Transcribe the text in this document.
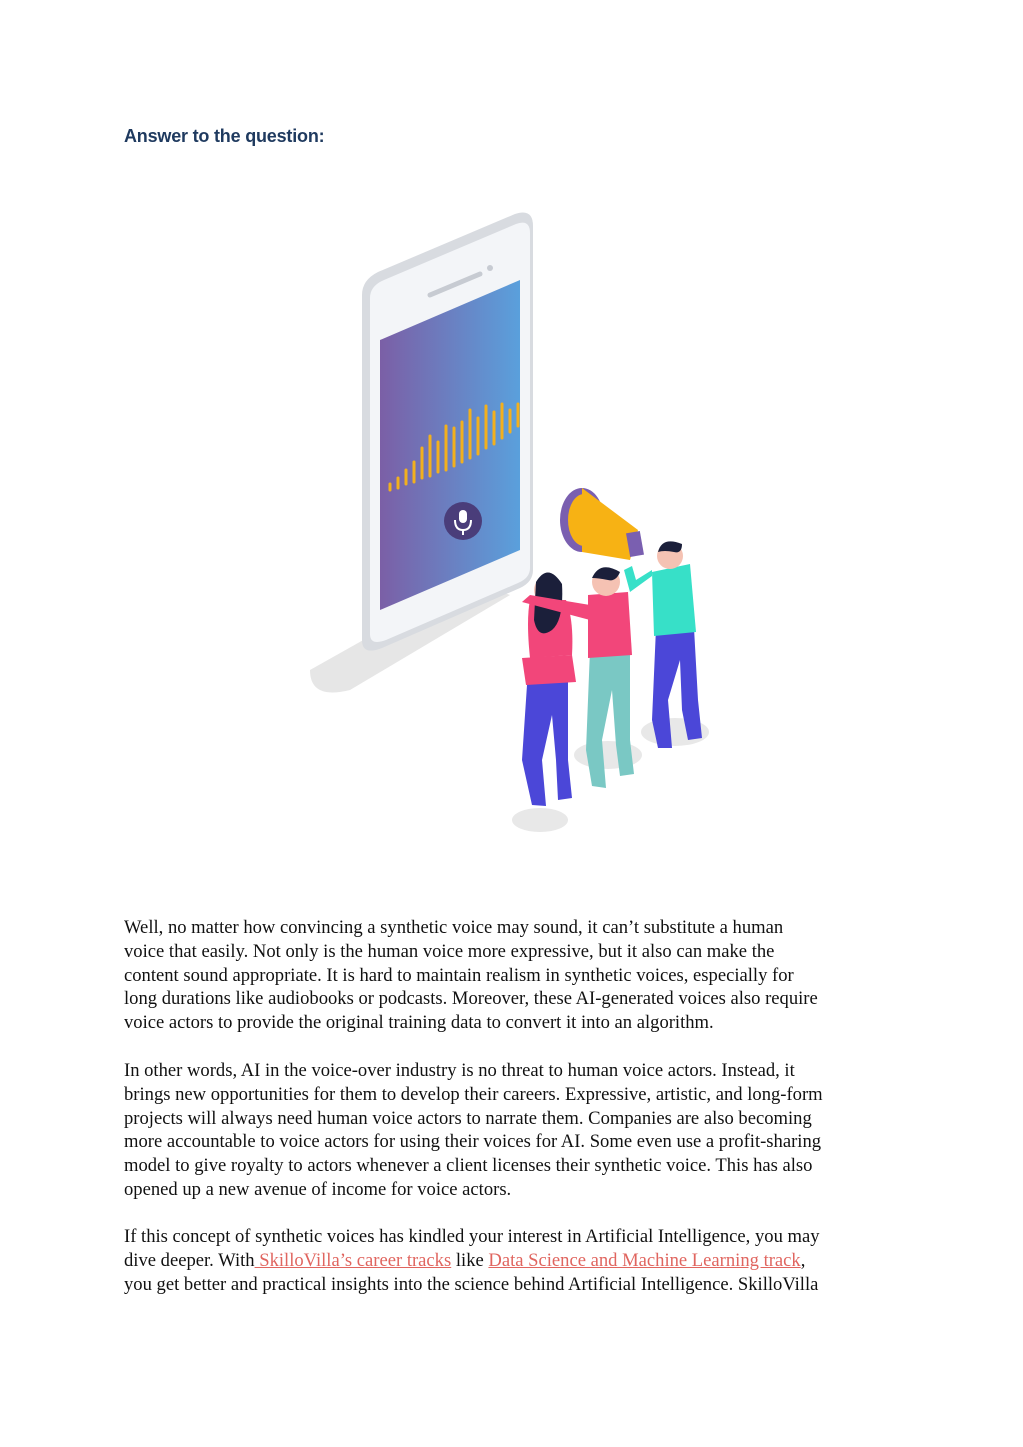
Answer to the question:

Well, no matter how convincing a synthetic voice may sound, it can’t substitute a human

voice that easily. Not only is the human voice more expressive, but it also can make the

content sound appropriate. It is hard to maintain realism in synthetic voices, especially for

long durations like audiobooks or podcasts. Moreover, these AI-generated voices also require

voice actors to provide the original training data to convert it into an algorithm.

In other words, AI in the voice-over industry is no threat to human voice actors. Instead, it

brings new opportunities for them to develop their careers. Expressive, artistic, and long-form

projects will always need human voice actors to narrate them. Companies are also becoming

more accountable to voice actors for using their voices for AI. Some even use a profit-sharing

model to give royalty to actors whenever a client licenses their synthetic voice. This has also

opened up a new avenue of income for voice actors.

If this concept of synthetic voices has kindled your interest in Artificial Intelligence, you may

dive deeper. With SkilloVilla’s career tracks like Data Science and Machine Learning track,

you get better and practical insights into the science behind Artificial Intelligence. SkilloVilla
